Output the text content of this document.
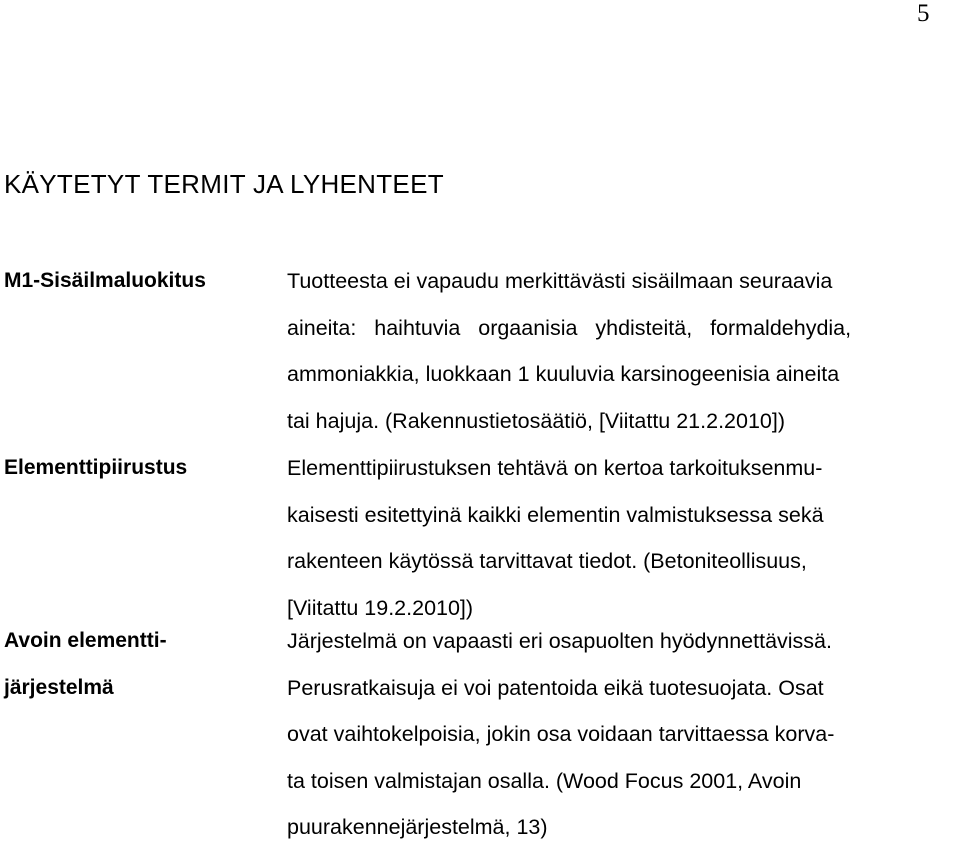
5
KÄYTETYT TERMIT JA LYHENTEET
M1-Sisäilmaluokitus	Tuotteesta ei vapaudu merkittävästi sisäilmaan seuraavia
aineita:   haihtuvia   orgaanisia   yhdisteitä,   formaldehydia,
ammoniakkia, luokkaan 1 kuuluvia karsinogeenisia aineita
tai hajuja. (Rakennustietosäätiö, [Viitattu 21.2.2010])
Elementtipiirustus	Elementtipiirustuksen tehtävä on kertoa tarkoituksenmu-
kaisesti esitettyinä kaikki elementin valmistuksessa sekä
rakenteen käytössä tarvittavat tiedot. (Betoniteollisuus,
[Viitattu 19.2.2010])
Avoin elementti-
järjestelmä
Järjestelmä on vapaasti eri osapuolten hyödynnettävissä.
Perusratkaisuja ei voi patentoida eikä tuotesuojata. Osat
ovat vaihtokelpoisia, jokin osa voidaan tarvittaessa korva-
ta toisen valmistajan osalla. (Wood Focus 2001, Avoin
puurakennejärjestelmä, 13)
